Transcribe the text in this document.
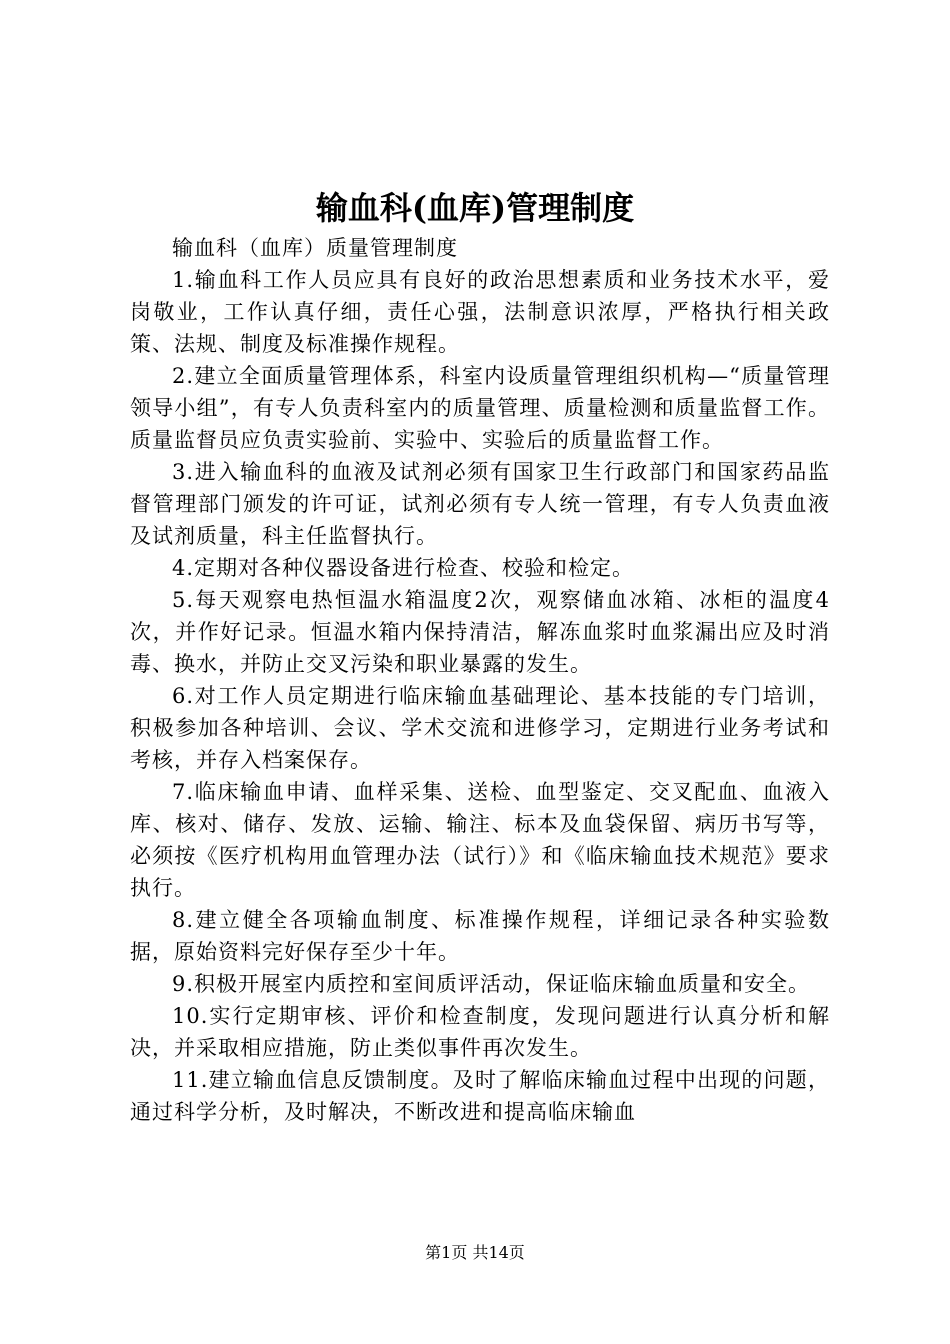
输血科(血库)管理制度

输血科（血库）质量管理制度

1.输血科工作人员应具有良好的政治思想素质和业务技术水平，爱岗敬业，工作认真仔细，责任心强，法制意识浓厚，严格执行相关政策、法规、制度及标准操作规程。

2.建立全面质量管理体系，科室内设质量管理组织机构—“质量管理领导小组”，有专人负责科室内的质量管理、质量检测和质量监督工作。质量监督员应负责实验前、实验中、实验后的质量监督工作。

3.进入输血科的血液及试剂必须有国家卫生行政部门和国家药品监督管理部门颁发的许可证，试剂必须有专人统一管理，有专人负责血液及试剂质量，科主任监督执行。

4.定期对各种仪器设备进行检查、校验和检定。

5.每天观察电热恒温水箱温度2次，观察储血冰箱、冰柜的温度4次，并作好记录。恒温水箱内保持清洁，解冻血浆时血浆漏出应及时消毒、换水，并防止交叉污染和职业暴露的发生。

6.对工作人员定期进行临床输血基础理论、基本技能的专门培训，积极参加各种培训、会议、学术交流和进修学习，定期进行业务考试和考核，并存入档案保存。

7.临床输血申请、血样采集、送检、血型鉴定、交叉配血、血液入库、核对、储存、发放、运输、输注、标本及血袋保留、病历书写等，必须按《医疗机构用血管理办法（试行）》和《临床输血技术规范》要求执行。

8.建立健全各项输血制度、标准操作规程，详细记录各种实验数据，原始资料完好保存至少十年。

9.积极开展室内质控和室间质评活动，保证临床输血质量和安全。

10.实行定期审核、评价和检查制度，发现问题进行认真分析和解决，并采取相应措施，防止类似事件再次发生。

11.建立输血信息反馈制度。及时了解临床输血过程中出现的问题，通过科学分析，及时解决，不断改进和提高临床输血

第1页 共14页
